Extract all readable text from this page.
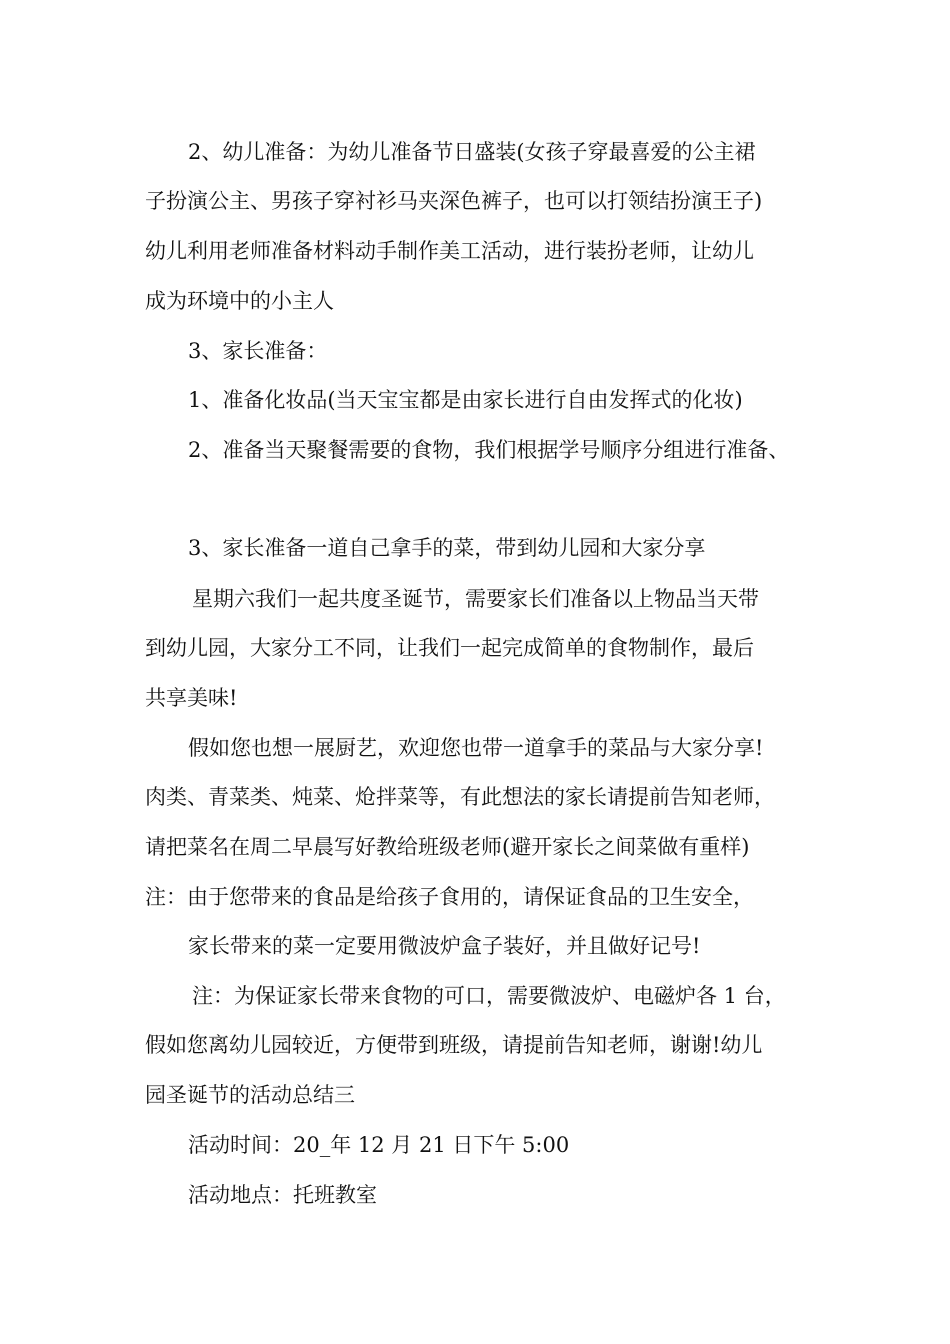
2、幼儿准备：为幼儿准备节日盛装(女孩子穿最喜爱的公主裙
子扮演公主、男孩子穿衬衫马夹深色裤子，也可以打领结扮演王子)
幼儿利用老师准备材料动手制作美工活动，进行装扮老师，让幼儿
成为环境中的小主人
3、家长准备：
1、准备化妆品(当天宝宝都是由家长进行自由发挥式的化妆)
2、准备当天聚餐需要的食物，我们根据学号顺序分组进行准备、
3、家长准备一道自己拿手的菜，带到幼儿园和大家分享
星期六我们一起共度圣诞节，需要家长们准备以上物品当天带
到幼儿园，大家分工不同，让我们一起完成简单的食物制作，最后
共享美味!
假如您也想一展厨艺，欢迎您也带一道拿手的菜品与大家分享!
肉类、青菜类、炖菜、炝拌菜等，有此想法的家长请提前告知老师，
请把菜名在周二早晨写好教给班级老师(避开家长之间菜做有重样)
注：由于您带来的食品是给孩子食用的，请保证食品的卫生安全，
家长带来的菜一定要用微波炉盒子装好，并且做好记号!
注：为保证家长带来食物的可口，需要微波炉、电磁炉各 1 台，
假如您离幼儿园较近，方便带到班级，请提前告知老师，谢谢!幼儿
园圣诞节的活动总结三
活动时间：20_年 12 月 21 日下午 5:00
活动地点：托班教室
